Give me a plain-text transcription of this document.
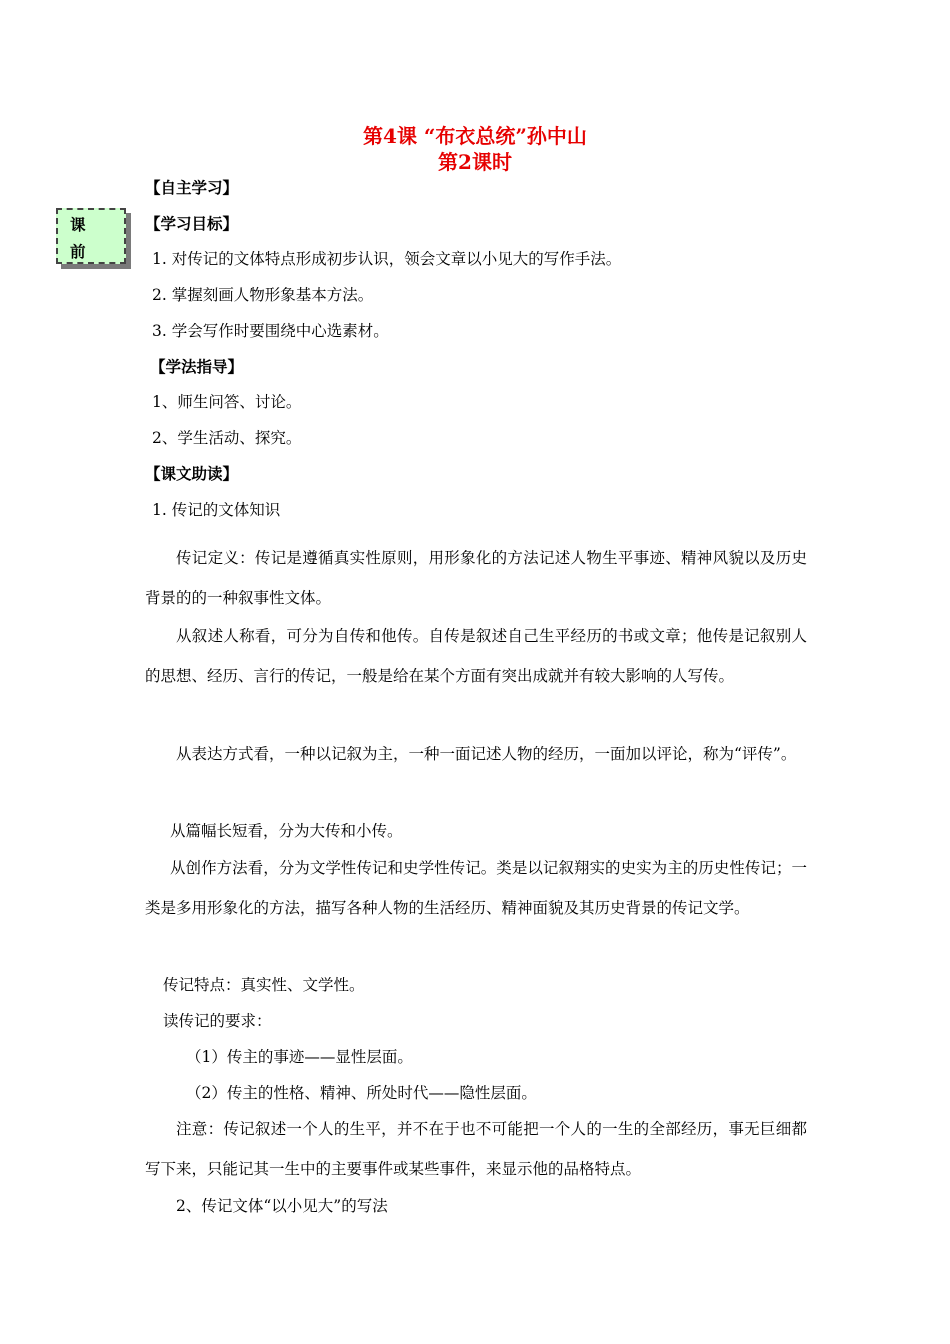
第4课 “布衣总统”孙中山
第2课时
课
前
【自主学习】
【学习目标】
1. 对传记的文体特点形成初步认识，领会文章以小见大的写作手法。
2. 掌握刻画人物形象基本方法。
3. 学会写作时要围绕中心选素材。
【学法指导】
1、师生问答、讨论。
2、学生活动、探究。
【课文助读】
1. 传记的文体知识

传记定义：传记是遵循真实性原则，用形象化的方法记述人物生平事迹、精神风貌以及历史背景的的一种叙事性文体。

从叙述人称看，可分为自传和他传。自传是叙述自己生平经历的书或文章；他传是记叙别人的思想、经历、言行的传记，一般是给在某个方面有突出成就并有较大影响的人写传。

从表达方式看，一种以记叙为主，一种一面记述人物的经历，一面加以评论，称为“评传”。

从篇幅长短看，分为大传和小传。

从创作方法看，分为文学性传记和史学性传记。类是以记叙翔实的史实为主的历史性传记；一类是多用形象化的方法，描写各种人物的生活经历、精神面貌及其历史背景的传记文学。

传记特点：真实性、文学性。
读传记的要求：
（1）传主的事迹——显性层面。
（2）传主的性格、精神、所处时代——隐性层面。

注意：传记叙述一个人的生平，并不在于也不可能把一个人的一生的全部经历，事无巨细都写下来，只能记其一生中的主要事件或某些事件，来显示他的品格特点。

2、传记文体“以小见大”的写法
